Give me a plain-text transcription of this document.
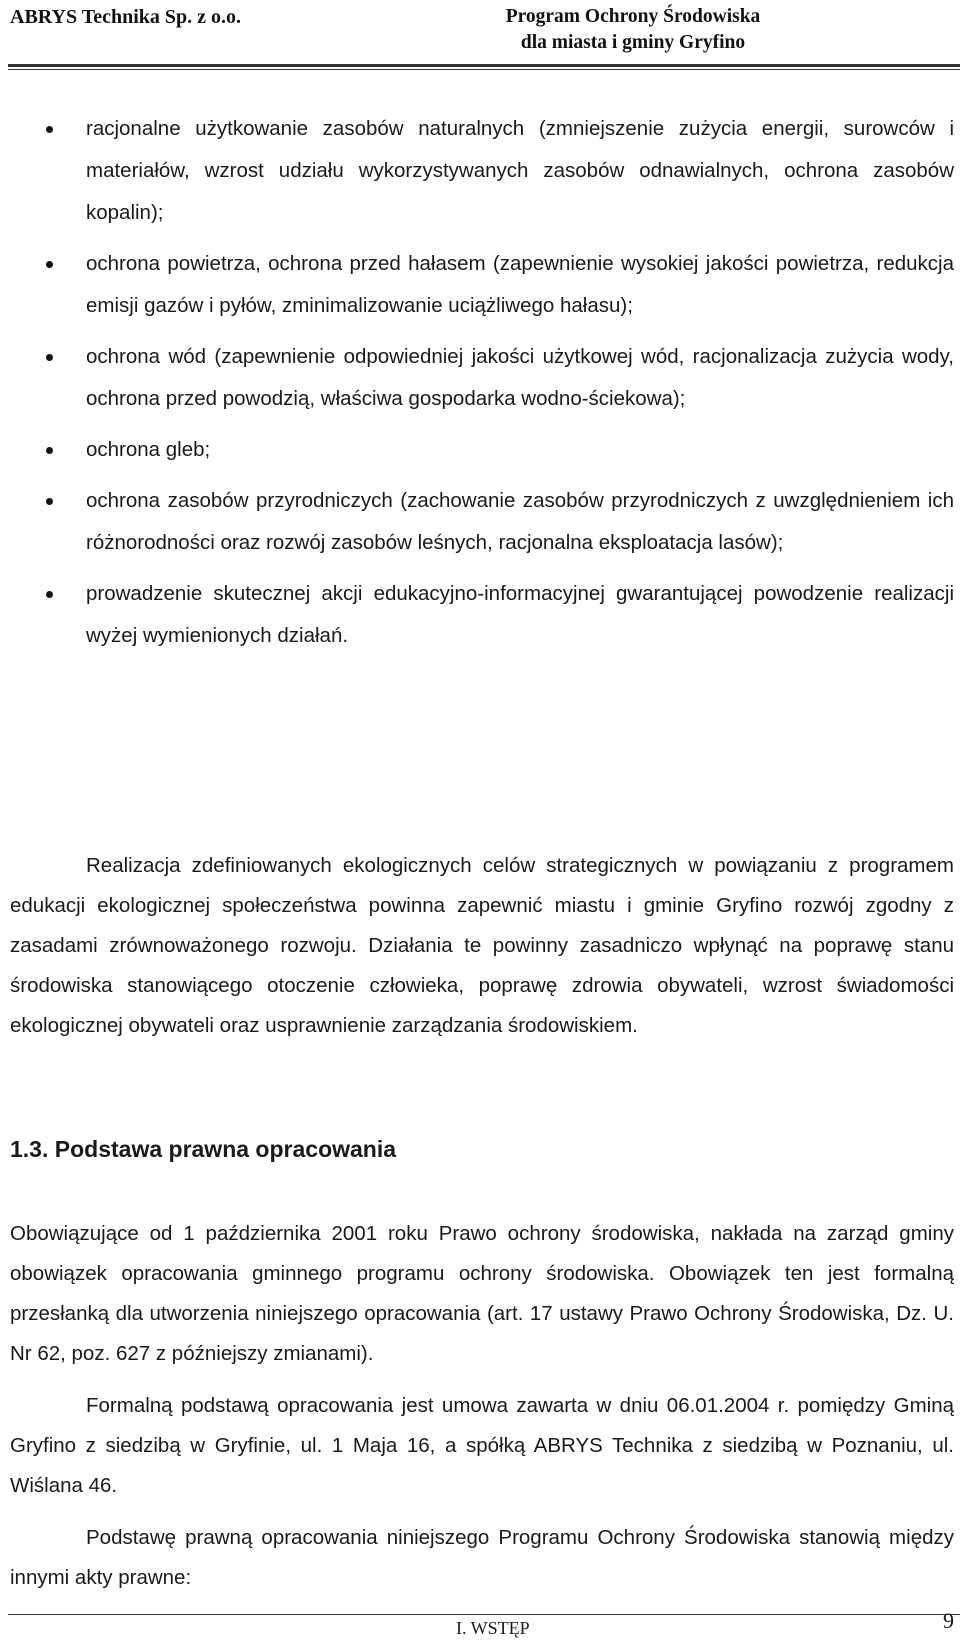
ABRYS Technika Sp. z o.o.	Program Ochrony Środowiska
dla miasta i gminy Gryfino
racjonalne użytkowanie zasobów naturalnych (zmniejszenie zużycia energii, surowców i materiałów, wzrost udziału wykorzystywanych zasobów odnawialnych, ochrona zasobów kopalin);
ochrona powietrza, ochrona przed hałasem (zapewnienie wysokiej jakości powietrza, redukcja emisji gazów i pyłów, zminimalizowanie uciążliwego hałasu);
ochrona wód (zapewnienie odpowiedniej jakości użytkowej wód, racjonalizacja zużycia wody, ochrona przed powodzią, właściwa gospodarka wodno-ściekowa);
ochrona gleb;
ochrona zasobów przyrodniczych (zachowanie zasobów przyrodniczych z uwzględnieniem ich różnorodności oraz rozwój zasobów leśnych, racjonalna eksploatacja lasów);
prowadzenie skutecznej akcji edukacyjno-informacyjnej gwarantującej powodzenie realizacji wyżej wymienionych działań.

Realizacja zdefiniowanych ekologicznych celów strategicznych w powiązaniu z programem edukacji ekologicznej społeczeństwa powinna zapewnić miastu i gminie Gryfino rozwój zgodny z zasadami zrównoważonego rozwoju. Działania te powinny zasadniczo wpłynąć na poprawę stanu środowiska stanowiącego otoczenie człowieka, poprawę zdrowia obywateli, wzrost świadomości ekologicznej obywateli oraz usprawnienie zarządzania środowiskiem.

1.3. Podstawa prawna opracowania

Obowiązujące od 1 października 2001 roku Prawo ochrony środowiska, nakłada na zarząd gminy obowiązek opracowania gminnego programu ochrony środowiska. Obowiązek ten jest formalną przesłanką dla utworzenia niniejszego opracowania (art. 17 ustawy Prawo Ochrony Środowiska, Dz. U. Nr 62, poz. 627 z późniejszy zmianami).

Formalną podstawą opracowania jest umowa zawarta w dniu 06.01.2004 r. pomiędzy Gminą Gryfino z siedzibą w Gryfinie, ul. 1 Maja 16, a spółką ABRYS Technika z siedzibą w Poznaniu, ul. Wiślana 46.

Podstawę prawną opracowania niniejszego Programu Ochrony Środowiska stanowią między innymi akty prawne:

I. WSTĘP	9
